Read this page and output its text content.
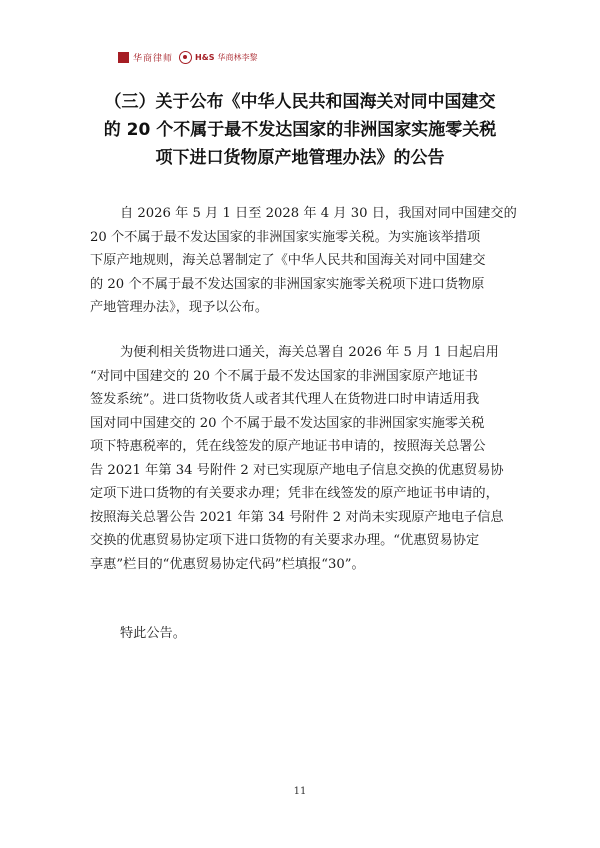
华商律师	H&S 华商林李黎
（三）关于公布《中华人民共和国海关对同中国建交
的 20 个不属于最不发达国家的非洲国家实施零关税
项下进口货物原产地管理办法》的公告
自 2026 年 5 月 1 日至 2028 年 4 月 30 日，我国对同中国建交的
20 个不属于最不发达国家的非洲国家实施零关税。为实施该举措项
下原产地规则，海关总署制定了《中华人民共和国海关对同中国建交
的 20 个不属于最不发达国家的非洲国家实施零关税项下进口货物原
产地管理办法》，现予以公布。
为便利相关货物进口通关，海关总署自 2026 年 5 月 1 日起启用
“对同中国建交的 20 个不属于最不发达国家的非洲国家原产地证书
签发系统”。进口货物收货人或者其代理人在货物进口时申请适用我
国对同中国建交的 20 个不属于最不发达国家的非洲国家实施零关税
项下特惠税率的，凭在线签发的原产地证书申请的，按照海关总署公
告 2021 年第 34 号附件 2 对已实现原产地电子信息交换的优惠贸易协
定项下进口货物的有关要求办理；凭非在线签发的原产地证书申请的，
按照海关总署公告 2021 年第 34 号附件 2 对尚未实现原产地电子信息
交换的优惠贸易协定项下进口货物的有关要求办理。“优惠贸易协定
享惠”栏目的“优惠贸易协定代码”栏填报“30”。
特此公告。
11
